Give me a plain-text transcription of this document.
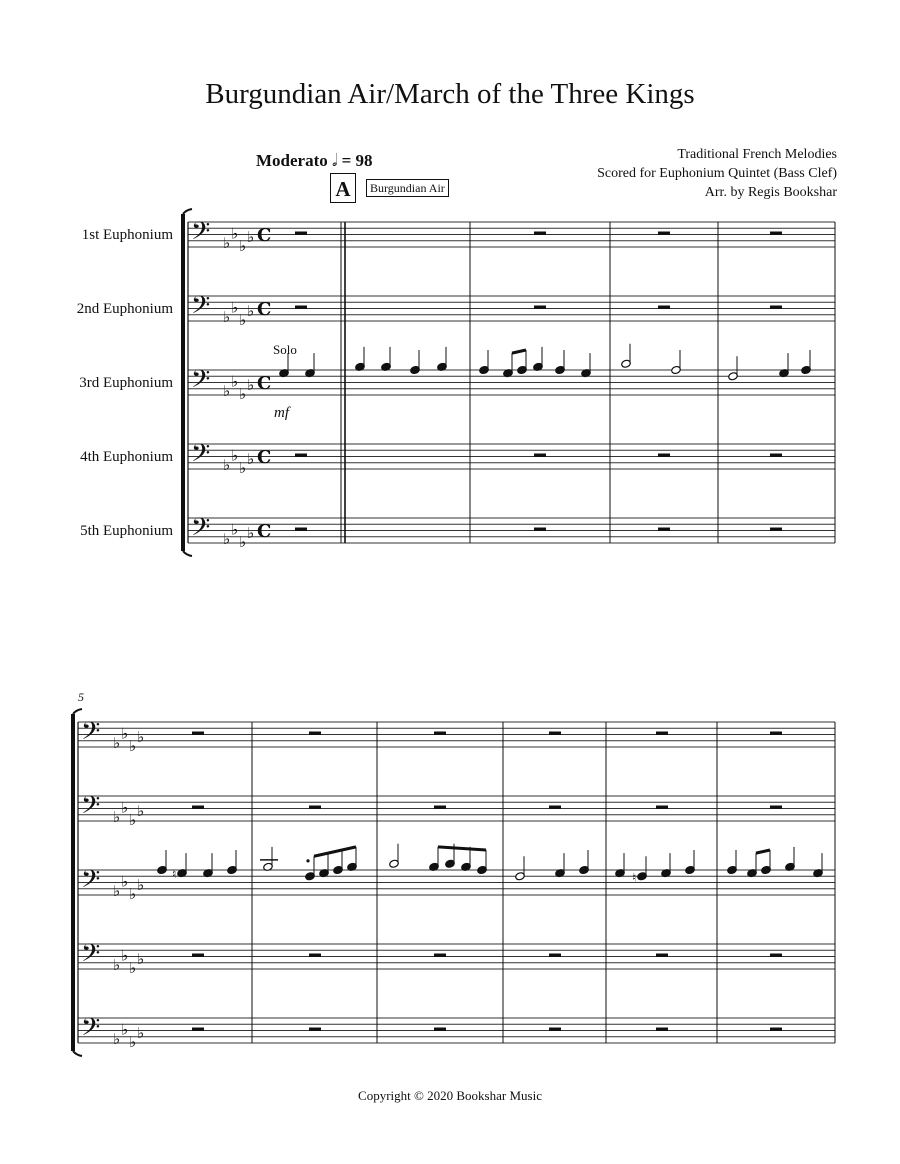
Burgundian Air/March of the Three Kings
Traditional French Melodies
Scored for Euphonium Quintet (Bass Clef)
Arr. by Regis Bookshar
Moderato 𝅗𝅥 = 98
A	Burgundian Air
1st Euphonium
2nd Euphonium
3rd Euphonium
4th Euphonium
5th Euphonium
Solo
mf
5
𝄢 ♭
♭
♭
♭ C
𝄢 ♭
♭
♭
♭ C
𝄢 ♭
♭
♭
♭ C
𝄢 ♭
♭
♭
♭ C
𝄢 ♭
♭
♭
♭ C
𝄢 ♭
♭
♭
♭
𝄢 ♭
♭
♭
♭
𝄢 ♭
♭
♭
♭
𝄢 ♭
♭
♭
♭
𝄢 ♭
♭
♭
♭
♮	♮
Copyright © 2020 Bookshar Music
